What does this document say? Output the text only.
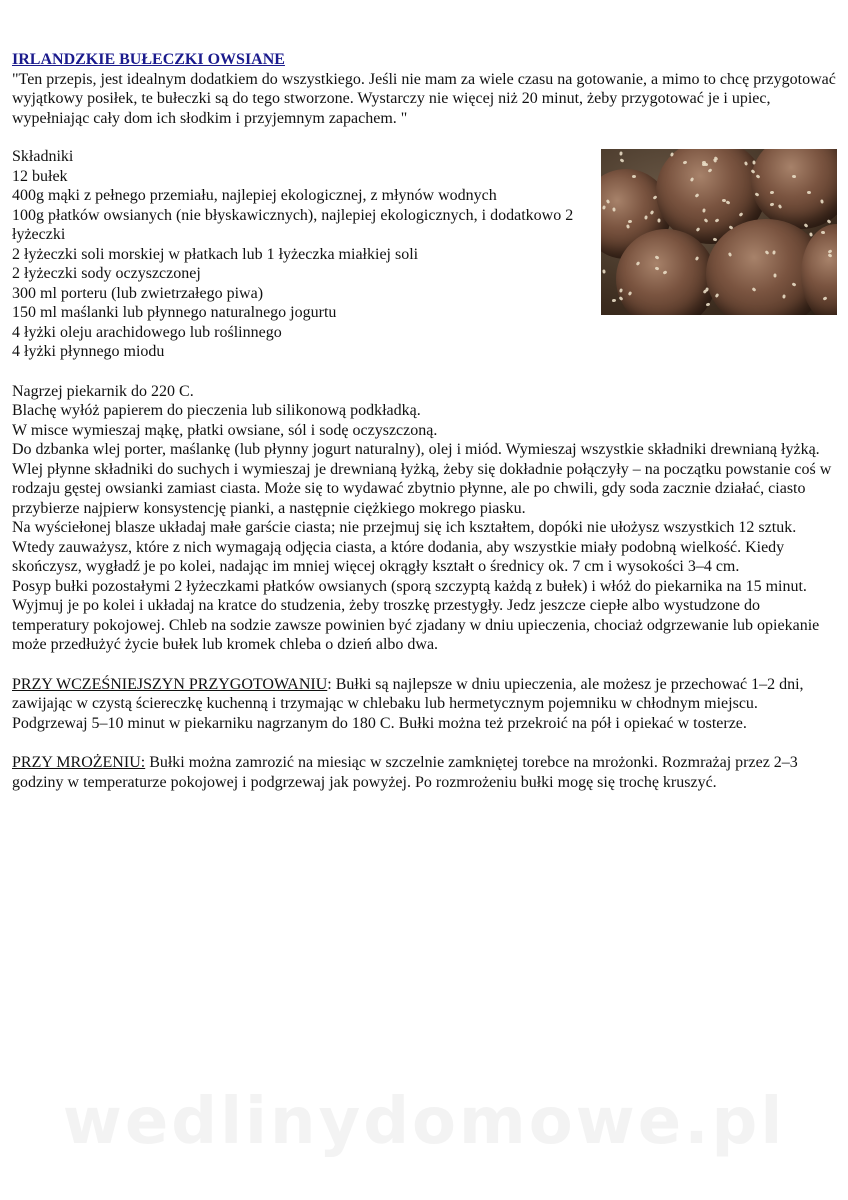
IRLANDZKIE BUŁECZKI OWSIANE

"Ten przepis, jest idealnym dodatkiem do wszystkiego. Jeśli nie mam za wiele czasu na gotowanie, a mimo to chcę przygotować wyjątkowy posiłek, te bułeczki są do tego stworzone. Wystarczy nie więcej niż 20 minut, żeby przygotować je i upiec, wypełniając cały dom ich słodkim i przyjemnym zapachem. "

Składniki
12 bułek
400g mąki z pełnego przemiału, najlepiej ekologicznej, z młynów wodnych
100g płatków owsianych (nie błyskawicznych), najlepiej ekologicznych, i dodatkowo 2 łyżeczki
2 łyżeczki soli morskiej w płatkach lub 1 łyżeczka miałkiej soli
2 łyżeczki sody oczyszczonej
300 ml porteru (lub zwietrzałego piwa)
150 ml maślanki lub płynnego naturalnego jogurtu
4 łyżki oleju arachidowego lub roślinnego
4 łyżki płynnego miodu
Nagrzej piekarnik do 220 C.
Blachę wyłóż papierem do pieczenia lub silikonową podkładką.
W misce wymieszaj mąkę, płatki owsiane, sól i sodę oczyszczoną.
Do dzbanka wlej porter, maślankę (lub płynny jogurt naturalny), olej i miód. Wymieszaj wszystkie składniki drewnianą łyżką.
Wlej płynne składniki do suchych i wymieszaj je drewnianą łyżką, żeby się dokładnie połączyły – na początku powstanie coś w rodzaju gęstej owsianki zamiast ciasta. Może się to wydawać zbytnio płynne, ale po chwili, gdy soda zacznie działać, ciasto przybierze najpierw konsystencję pianki, a następnie ciężkiego mokrego piasku.
Na wyściełonej blasze układaj małe garście ciasta; nie przejmuj się ich kształtem, dopóki nie ułożysz wszystkich 12 sztuk. Wtedy zauważysz, które z nich wymagają odjęcia ciasta, a które dodania, aby wszystkie miały podobną wielkość. Kiedy skończysz, wygładź je po kolei, nadając im mniej więcej okrągły kształt o średnicy ok. 7 cm i wysokości 3–4 cm.
Posyp bułki pozostałymi 2 łyżeczkami płatków owsianych (sporą szczyptą każdą z bułek) i włóż do piekarnika na 15 minut. Wyjmuj je po kolei i układaj na kratce do studzenia, żeby troszkę przestygły. Jedz jeszcze ciepłe albo wystudzone do temperatury pokojowej. Chleb na sodzie zawsze powinien być zjadany w dniu upieczenia, chociaż odgrzewanie lub opiekanie może przedłużyć życie bułek lub kromek chleba o dzień albo dwa.

PRZY WCZEŚNIEJSZYN PRZYGOTOWANIU: Bułki są najlepsze w dniu upieczenia, ale możesz je przechować 1–2 dni, zawijając w czystą ściereczkę kuchenną i trzymając w chlebaku lub hermetycznym pojemniku w chłodnym miejscu. Podgrzewaj 5–10 minut w piekarniku nagrzanym do 180 C. Bułki można też przekroić na pół i opiekać w tosterze.

PRZY MROŻENIU: Bułki można zamrozić na miesiąc w szczelnie zamkniętej torebce na mrożonki. Rozmrażaj przez 2–3 godziny w temperaturze pokojowej i podgrzewaj jak powyżej. Po rozmrożeniu bułki mogę się trochę kruszyć.

wedlinydomowe.pl
